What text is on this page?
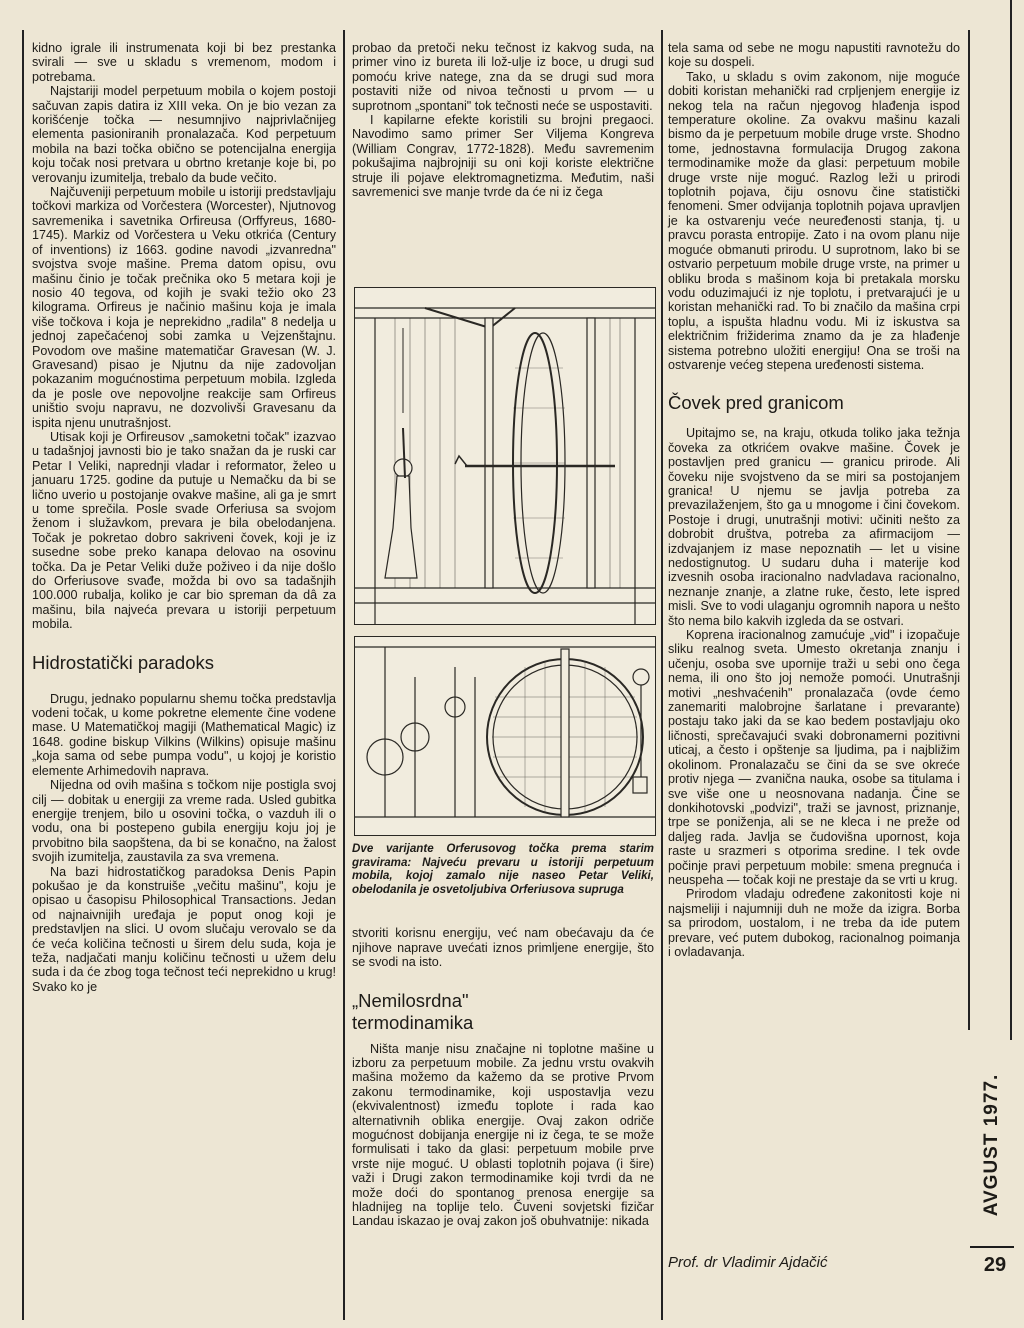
kidno igrale ili instrumenata koji bi bez prestanka svirali — sve u skladu s vremenom, modom i potrebama.

Najstariji model perpetuum mobila o kojem postoji sačuvan zapis datira iz XIII veka. On je bio vezan za korišćenje točka — nesumnjivo najprivlačnijeg elementa pasioniranih pronalazača. Kod perpetuum mobila na bazi točka obično se potencijalna energija koju točak nosi pretvara u obrtno kretanje koje bi, po verovanju izumitelja, trebalo da bude večito.

Najčuveniji perpetuum mobile u istoriji predstavljaju točkovi markiza od Vorčestera (Worcester), Njutnovog savremenika i savetnika Orfireusa (Orffyreus, 1680-1745). Markiz od Vorčestera u Veku otkrića (Century of inventions) iz 1663. godine navodi „izvanredna" svojstva svoje mašine. Prema datom opisu, ovu mašinu činio je točak prečnika oko 5 metara koji je nosio 40 tegova, od kojih je svaki težio oko 23 kilograma. Orfireus je načinio mašinu koja je imala više točkova i koja je neprekidno „radila" 8 nedelja u jednoj zapečaćenoj sobi zamka u Vejzenštajnu. Povodom ove mašine matematičar Gravesan (W. J. Gravesand) pisao je Njutnu da nije zadovoljan pokazanim mogućnostima perpetuum mobila. Izgleda da je posle ove nepovoljne reakcije sam Orfireus uništio svoju napravu, ne dozvolivši Gravesanu da ispita njenu unutrašnjost.

Utisak koji je Orfireusov „samoketni točak" izazvao u tadašnjoj javnosti bio je tako snažan da je ruski car Petar I Veliki, naprednji vladar i reformator, želeo u januaru 1725. godine da putuje u Nemačku da bi se lično uverio u postojanje ovakve mašine, ali ga je smrt u tome sprečila. Posle svade Orferiusa sa svojom ženom i služavkom, prevara je bila obelodanjena. Točak je pokretao dobro sakriveni čovek, koji je iz susedne sobe preko kanapa delovao na osovinu točka. Da je Petar Veliki duže poživeo i da nije došlo do Orferiusove svađe, možda bi ovo sa tadašnjih 100.000 rubalja, koliko je car bio spreman da dâ za mašinu, bila najveća prevara u istoriji perpetuum mobila.

Hidrostatički paradoks

Drugu, jednako popularnu shemu točka predstavlja vodeni točak, u kome pokretne elemente čine vodene mase. U Matematičkoj magiji (Mathematical Magic) iz 1648. godine biskup Vilkins (Wilkins) opisuje mašinu „koja sama od sebe pumpa vodu", u kojoj je koristio elemente Arhimedovih naprava.

Nijedna od ovih mašina s točkom nije postigla svoj cilj — dobitak u energiji za vreme rada. Usled gubitka energije trenjem, bilo u osovini točka, o vazduh ili o vodu, ona bi postepeno gubila energiju koju joj je prvobitno bila saopštena, da bi se konačno, na žalost svojih izumitelja, zaustavila za sva vremena.

Na bazi hidrostatičkog paradoksa Denis Papin pokušao je da konstruiše „večitu mašinu", koju je opisao u časopisu Philosophical Transactions. Jedan od najnaivnijih uređaja je poput onog koji je predstavljen na slici. U ovom slučaju verovalo se da će veća količina tečnosti u širem delu suda, koja je teža, nadjačati manju količinu tečnosti u užem delu suda i da će zbog toga tečnost teći neprekidno u krug! Svako ko je

probao da pretoči neku tečnost iz kakvog suda, na primer vino iz bureta ili lož-ulje iz boce, u drugi sud pomoću krive natege, zna da se drugi sud mora postaviti niže od nivoa tečnosti u prvom — u suprotnom „spontani" tok tečnosti neće se uspostaviti.

I kapilarne efekte koristili su brojni pregaoci. Navodimo samo primer Ser Viljema Kongreva (William Congrav, 1772-1828). Među savremenim pokušajima najbrojniji su oni koji koriste električne struje ili pojave elektromagnetizma. Međutim, naši savremenici sve manje tvrde da će ni iz čega

Dve varijante Orferusovog točka prema starim gravirama: Najveću prevaru u istoriji perpetuum mobila, kojoj zamalo nije naseo Petar Veliki, obelodanila je osvetoljubiva Orferiusova supruga

stvoriti korisnu energiju, već nam obećavaju da će njihove naprave uvećati iznos primljene energije, što se svodi na isto.

„Nemilosrdna" termodinamika

Ništa manje nisu značajne ni toplotne mašine u izboru za perpetuum mobile. Za jednu vrstu ovakvih mašina možemo da kažemo da se protive Prvom zakonu termodinamike, koji uspostavlja vezu (ekvivalentnost) između toplote i rada kao alternativnih oblika energije. Ovaj zakon odriče mogućnost dobijanja energije ni iz čega, te se može formulisati i tako da glasi: perpetuum mobile prve vrste nije moguć. U oblasti toplotnih pojava (i šire) važi i Drugi zakon termodinamike koji tvrdi da ne može doći do spontanog prenosa energije sa hladnijeg na toplije telo. Čuveni sovjetski fizičar Landau iskazao je ovaj zakon još obuhvatnije: nikada

tela sama od sebe ne mogu napustiti ravnotežu do koje su dospeli.

Tako, u skladu s ovim zakonom, nije moguće dobiti koristan mehanički rad crpljenjem energije iz nekog tela na račun njegovog hlađenja ispod temperature okoline. Za ovakvu mašinu kazali bismo da je perpetuum mobile druge vrste. Shodno tome, jednostavna formulacija Drugog zakona termodinamike može da glasi: perpetuum mobile druge vrste nije moguć. Razlog leži u prirodi toplotnih pojava, čiju osnovu čine statistički fenomeni. Smer odvijanja toplotnih pojava upravljen je ka ostvarenju veće neuređenosti stanja, tj. u pravcu porasta entropije. Zato i na ovom planu nije moguće obmanuti prirodu. U suprotnom, lako bi se ostvario perpetuum mobile druge vrste, na primer u obliku broda s mašinom koja bi pretakala morsku vodu oduzimajući iz nje toplotu, i pretvarajući je u koristan mehanički rad. To bi značilo da mašina crpi toplu, a ispušta hladnu vodu. Mi iz iskustva sa električnim frižiderima znamo da je za hlađenje sistema potrebno uložiti energiju! Ona se troši na ostvarenje većeg stepena uređenosti sistema.

Čovek pred granicom

Upitajmo se, na kraju, otkuda toliko jaka težnja čoveka za otkrićem ovakve mašine. Čovek je postavljen pred granicu — granicu prirode. Ali čoveku nije svojstveno da se miri sa postojanjem granica! U njemu se javlja potreba za prevazilaženjem, što ga u mnogome i čini čovekom. Postoje i drugi, unutrašnji motivi: učiniti nešto za dobrobit društva, potreba za afirmacijom — izdvajanjem iz mase nepoznatih — let u visine nedostignutog. U sudaru duha i materije kod izvesnih osoba iracionalno nadvladava racionalno, neznanje znanje, a zlatne ruke, često, lete ispred misli. Sve to vodi ulaganju ogromnih napora u nešto što nema bilo kakvih izgleda da se ostvari.

Koprena iracionalnog zamućuje „vid" i izopačuje sliku realnog sveta. Umesto okretanja znanju i učenju, osoba sve upornije traži u sebi ono čega nema, ili ono što joj nemože pomoći. Unutrašnji motivi „neshvaćenih" pronalazača (ovde ćemo zanemariti malobrojne šarlatane i prevarante) postaju tako jaki da se kao bedem postavljaju oko ličnosti, sprečavajući svaki dobronamerni pozitivni uticaj, a često i opštenje sa ljudima, pa i najbližim okolinom. Pronalazaču se čini da se sve okreće protiv njega — zvanična nauka, osobe sa titulama i sve više one u neosnovana nadanja. Čine se donkihotovski „podvizi", traži se javnost, priznanje, trpe se poniženja, ali se ne kleca i ne preže od daljeg rada. Javlja se čudovišna upornost, koja raste u srazmeri s otporima sredine. I tek ovde počinje pravi perpetuum mobile: smena pregnuća i neuspeha — točak koji ne prestaje da se vrti u krug.

Prirodom vladaju određene zakonitosti koje ni najsmeliji i najumniji duh ne može da izigra. Borba sa prirodom, uostalom, i ne treba da ide putem prevare, već putem dubokog, racionalnog poimanja i ovladavanja.

Prof. dr Vladimir Ajdačić
AVGUST 1977.
29
